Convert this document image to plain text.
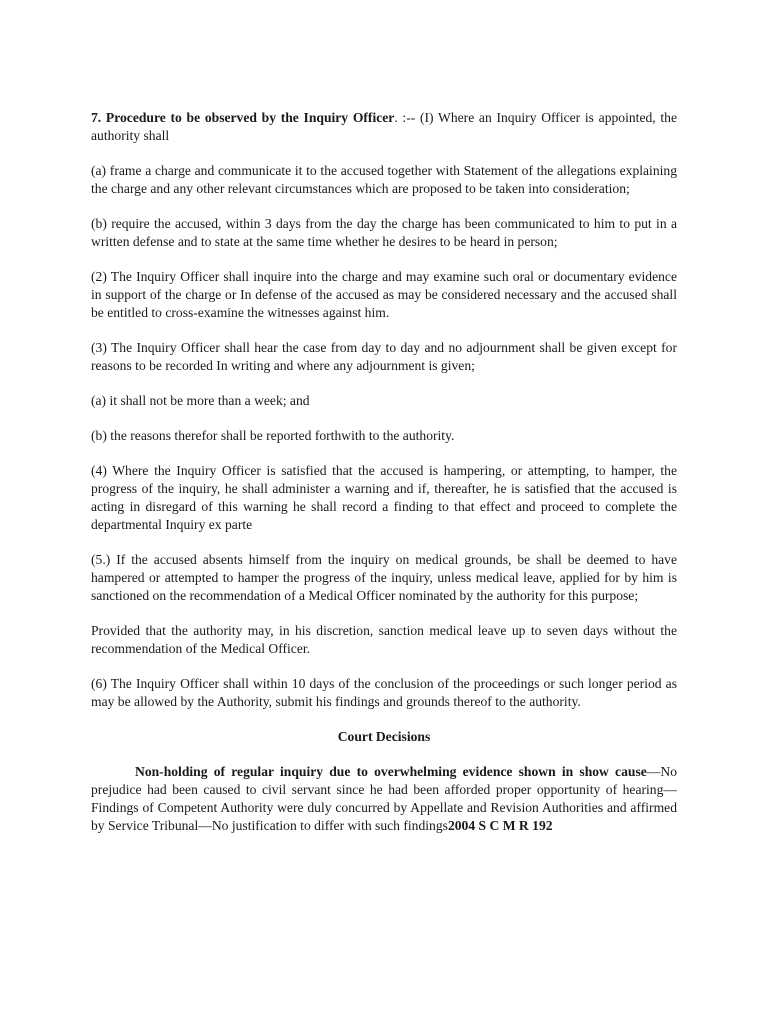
7. Procedure to be observed by the Inquiry Officer. :-- (I) Where an Inquiry Officer is appointed, the authority shall

(a) frame a charge and communicate it to the accused together with Statement of the allegations explaining the charge and any other relevant circumstances which are proposed to be taken into consideration;

(b) require the accused, within 3 days from the day the charge has been communicated to him to put in a written defense and to state at the same time whether he desires to be heard in person;

(2) The Inquiry Officer shall inquire into the charge and may examine such oral or documentary evidence in support of the charge or In defense of the accused as may be considered necessary and the accused shall be entitled to cross-examine the witnesses against him.

(3) The Inquiry Officer shall hear the case from day to day and no adjournment shall be given except for reasons to be recorded In writing and where any adjournment is given;

(a) it shall not be more than a week; and

(b) the reasons therefor shall be reported forthwith to the authority.

(4) Where the Inquiry Officer is satisfied that the accused is hampering, or attempting, to hamper, the progress of the inquiry, he shall administer a warning and if, thereafter, he is satisfied that the accused is acting in disregard of this warning he shall record a finding to that effect and proceed to complete the departmental Inquiry ex parte

(5.) If the accused absents himself from the inquiry on medical grounds, be shall be deemed to have hampered or attempted to hamper the progress of the inquiry, unless medical leave, applied for by him is sanctioned on the recommendation of a Medical Officer nominated by the authority for this purpose;

Provided that the authority may, in his discretion, sanction medical leave up to seven days without the recommendation of the Medical Officer.

(6) The Inquiry Officer shall within 10 days of the conclusion of the proceedings or such longer period as may be allowed by the Authority, submit his findings and grounds thereof to the authority.

Court Decisions

Non-holding of regular inquiry due to overwhelming evidence shown in show cause—No prejudice had been caused to civil servant since he had been afforded proper opportunity of hearing—Findings of Competent Authority were duly concurred by Appellate and Revision Authorities and affirmed by Service Tribunal—No justification to differ with such findings2004 S C M R 192
